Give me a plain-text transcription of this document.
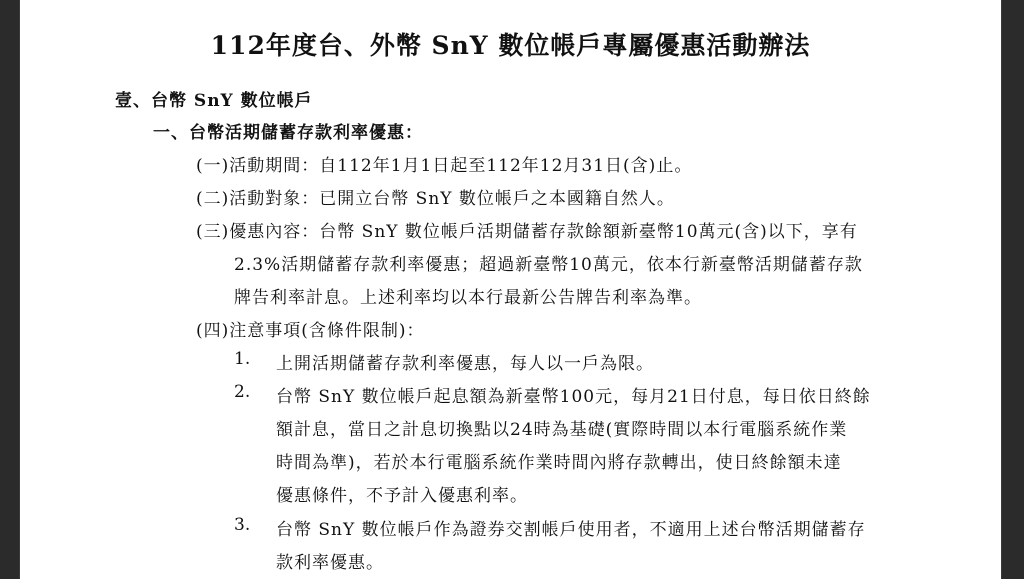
112年度台、外幣 SnY 數位帳戶專屬優惠活動辦法
壹、台幣 SnY 數位帳戶
一、台幣活期儲蓄存款利率優惠：
(一)活動期間：自112年1月1日起至112年12月31日(含)止。
(二)活動對象：已開立台幣 SnY 數位帳戶之本國籍自然人。
(三)優惠內容：台幣 SnY 數位帳戶活期儲蓄存款餘額新臺幣10萬元(含)以下，享有
2.3%活期儲蓄存款利率優惠；超過新臺幣10萬元，依本行新臺幣活期儲蓄存款
牌告利率計息。上述利率均以本行最新公告牌告利率為準。
(四)注意事項(含條件限制)：
1. 上開活期儲蓄存款利率優惠，每人以一戶為限。
2. 台幣 SnY 數位帳戶起息額為新臺幣100元，每月21日付息，每日依日終餘
額計息，當日之計息切換點以24時為基礎(實際時間以本行電腦系統作業
時間為準)，若於本行電腦系統作業時間內將存款轉出，使日終餘額未達
優惠條件，不予計入優惠利率。
3. 台幣 SnY 數位帳戶作為證券交割帳戶使用者，不適用上述台幣活期儲蓄存
款利率優惠。
